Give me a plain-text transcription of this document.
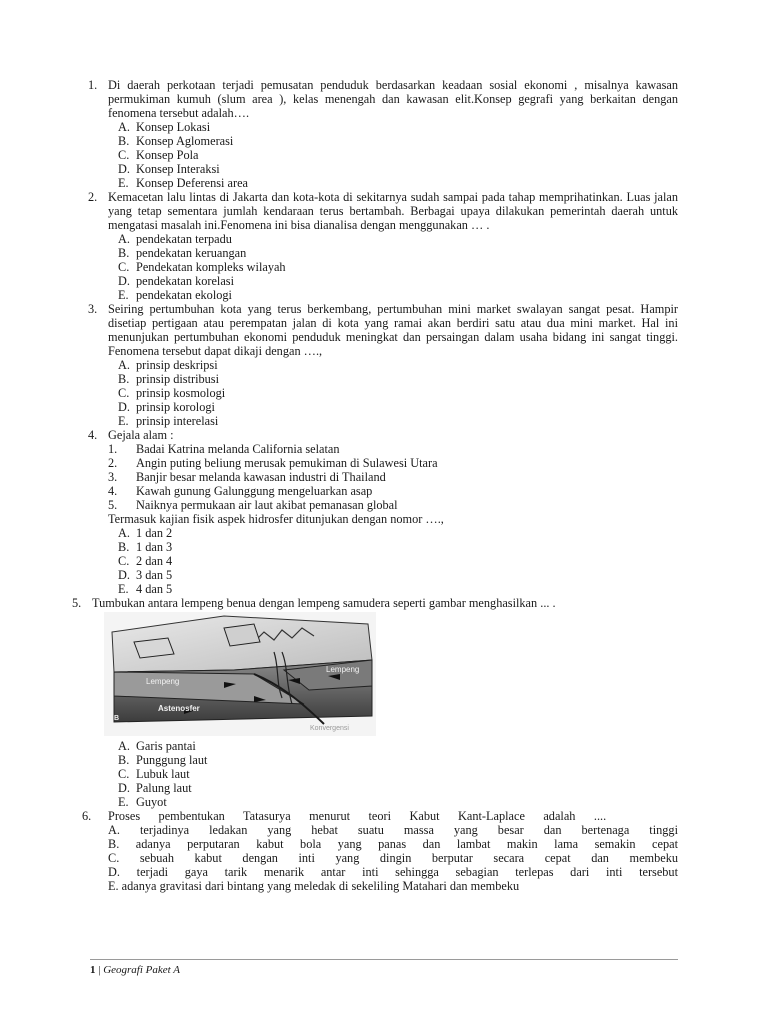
1. Di daerah perkotaan terjadi pemusatan penduduk berdasarkan keadaan sosial ekonomi , misalnya kawasan permukiman kumuh (slum area ), kelas menengah dan kawasan elit.Konsep gegrafi yang berkaitan dengan fenomena tersebut adalah….
A. Konsep Lokasi
B. Konsep Aglomerasi
C. Konsep Pola
D. Konsep Interaksi
E. Konsep Deferensi area
2. Kemacetan lalu lintas di Jakarta dan kota-kota di sekitarnya sudah sampai pada tahap memprihatinkan. Luas jalan yang tetap sementara jumlah kendaraan terus bertambah. Berbagai upaya dilakukan pemerintah daerah untuk mengatasi masalah ini.Fenomena ini bisa dianalisa dengan menggunakan … .
A. pendekatan terpadu
B. pendekatan keruangan
C. Pendekatan kompleks wilayah
D. pendekatan korelasi
E. pendekatan ekologi
3. Seiring pertumbuhan kota yang terus berkembang, pertumbuhan mini market swalayan sangat pesat. Hampir disetiap pertigaan atau perempatan jalan di kota yang ramai akan berdiri satu atau dua mini market. Hal ini menunjukan pertumbuhan ekonomi penduduk meningkat dan persaingan dalam usaha bidang ini sangat tinggi. Fenomena tersebut dapat dikaji dengan ….,
A. prinsip deskripsi
B. prinsip distribusi
C. prinsip kosmologi
D. prinsip korologi
E. prinsip interelasi
4. Gejala alam :
1.	Badai Katrina melanda California selatan
2.	Angin puting beliung merusak pemukiman di Sulawesi Utara
3.	Banjir besar melanda kawasan industri di Thailand
4.	Kawah gunung Galunggung mengeluarkan asap
5.	Naiknya permukaan air laut akibat pemanasan global
Termasuk kajian fisik aspek hidrosfer ditunjukan dengan nomor ….,
A. 1 dan 2
B. 1 dan 3
C. 2 dan 4
D. 3 dan 5
E. 4 dan 5
5. Tumbukan antara lempeng benua dengan lempeng samudera seperti gambar menghasilkan ... .
Lempeng
Lempeng
Astenosfer
B
Konvergensi
A. Garis pantai
B. Punggung laut
C. Lubuk laut
D. Palung laut
E. Guyot
6. Proses      pembentukan      Tatasurya      menurut      teori      Kabut      Kant-Laplace      adalah      ....
A. terjadinya ledakan yang hebat suatu massa yang besar dan bertenaga tinggi
B. adanya perputaran kabut bola yang panas dan lambat makin lama semakin cepat
C. sebuah kabut dengan inti yang dingin berputar secara cepat dan membeku
D. terjadi gaya tarik menarik antar inti sehingga sebagian terlepas dari inti tersebut
E. adanya gravitasi dari bintang yang meledak di sekeliling Matahari dan membeku
1 | Geografi Paket A
